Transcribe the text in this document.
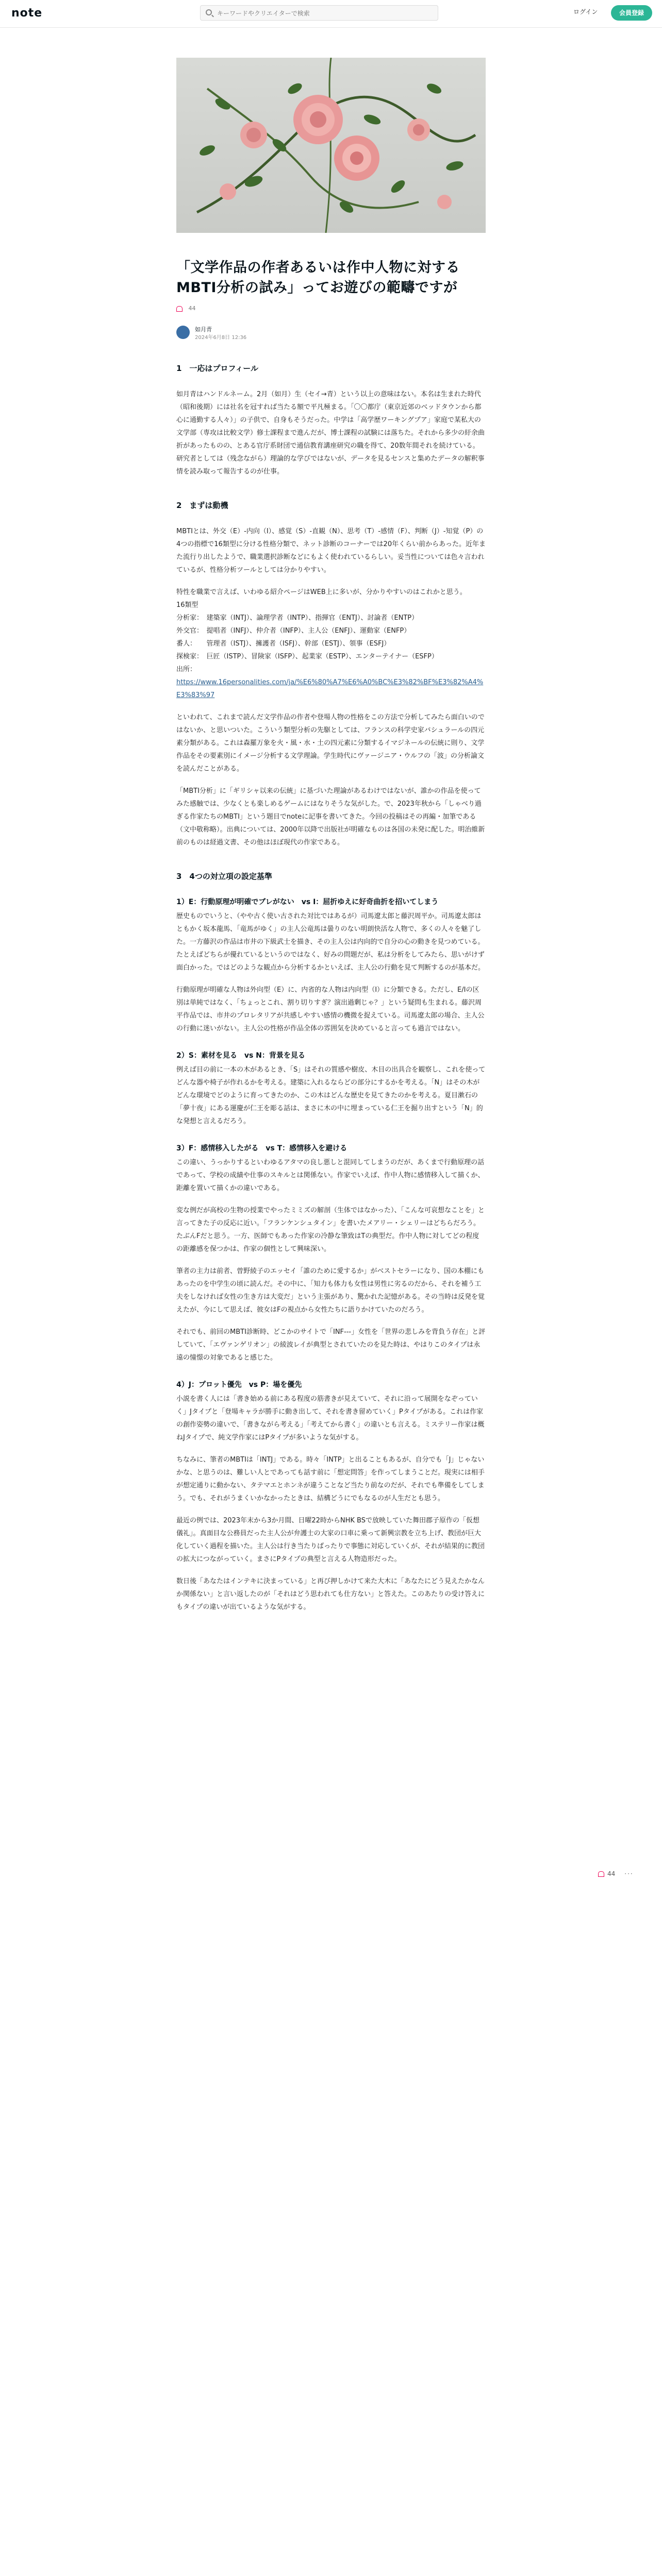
note
キーワードやクリエイターで検索	ログイン	会員登録
「文学作品の作者あるいは作中人物に対するMBTI分析の試み」ってお遊びの範疇ですが
44
如月青
2024年6月8日 12:36
1　一応はプロフィール

如月青はハンドルネーム。2月（如月）生（セイ→青）という以上の意味はない。本名は生まれた時代（昭和後期）には社名を冠すれば当たる額で平凡極まる。「〇〇都庁（東京近郊のベッドタウンから都心に通勤する人々）」の子供で、自身もそうだった。中学は「高学歴ワーキングプア」家庭で某私大の文学部（専攻は比較文学）修士課程まで進んだが、博士課程の試験には落ちた。それから多少の紆余曲折があったものの、とある官庁系財団で通信教育講座研究の職を得て、20数年間それを続けている。研究者としては（残念ながら）理論的な学びではないが、データを見るセンスと集めたデータの解釈事情を読み取って報告するのが仕事。

2　まずは動機

MBTIとは、外交（E）-内向（I）、感覚（S）-直観（N）、思考（T）-感情（F）、判断（J）-知覚（P）の4つの指標で16類型に分ける性格分類で、ネット診断のコーナーでは20年くらい前からあった。近年また流行り出したようで、職業選択診断などにもよく使われているらしい。妥当性については色々言われているが、性格分析ツールとしては分かりやすい。

特性を職業で言えば、いわゆる紹介ページはWEB上に多いが、分かりやすいのはこれかと思う。

16類型

分析家：　建築家（INTJ）、論理学者（INTP）、指揮官（ENTJ）、討論者（ENTP）

外交官：　提唱者（INFJ）、仲介者（INFP）、主人公（ENFJ）、運動家（ENFP）

番人：　　管理者（ISTJ）、擁護者（ISFJ）、幹部（ESTJ）、領事（ESFJ）

探検家：　巨匠（ISTP）、冒険家（ISFP）、起業家（ESTP）、エンターテイナー（ESFP）

出所：

https://www.16personalities.com/ja/%E6%80%A7%E6%A0%BC%E3%82%BF%E3%82%A4%E3%83%97

といわれて、これまで読んだ文学作品の作者や登場人物の性格をこの方法で分析してみたら面白いのではないか、と思いついた。こういう類型分析の先駆としては、フランスの科学史家バシュラールの四元素分類がある。これは森羅万象を火・風・水・土の四元素に分類するイマジネールの伝統に則り、文学作品をその要素別にイメージ分析する文学理論。学生時代にヴァージニア・ウルフの「波」の分析論文を読んだことがある。

「MBTI分析」に「ギリシャ以来の伝統」に基づいた理論があるわけではないが、誰かの作品を使ってみた感触では、少なくとも楽しめるゲームにはなりそうな気がした。で、2023年秋から「しゃべり過ぎる作家たちのMBTI」という題目でnoteに記事を書いてきた。今回の投稿はその再編・加筆である（文中敬称略）。出典については、2000年以降で出版社が明確なものは各国の未発に配した。明治維新前のものは経過文書、その他はほぼ現代の作家である。

3　4つの対立項の設定基準
1）E：行動原理が明確でブレがない　vs I：屈折ゆえに好奇曲折を招いてしまう

歴史ものでいうと、（やや古く使い古された対比ではあるが）司馬遼太郎と藤沢周平か。司馬遼太郎はともかく坂本龍馬、「竜馬がゆく」の主人公竜馬は曇りのない明朗快活な人物で、多くの人々を魅了した。一方藤沢の作品は市井の下級武士を描き、その主人公は内向的で自分の心の動きを見つめている。たとえばどちらが優れているというのではなく、好みの問題だが、私は分析をしてみたら、思いがけず面白かった。ではどのような観点から分析するかといえば、主人公の行動を見て判断するのが基本だ。

行動原理が明確な人物は外向型（E）に、内省的な人物は内向型（I）に分類できる。ただし、E/Iの区別は単純ではなく、「ちょっとこれ、割り切りすぎ？演出過剰じゃ？」という疑問も生まれる。藤沢周平作品では、市井のプロレタリアが共感しやすい感情の機微を捉えている。司馬遼太郎の場合、主人公の行動に迷いがない。主人公の性格が作品全体の雰囲気を決めていると言っても過言ではない。

2）S：素材を見る　vs N：背景を見る

例えば目の前に一本の木があるとき、「S」はそれの質感や樹皮、木目の出具合を観察し、これを使ってどんな器や椅子が作れるかを考える。建築に入れるならどの部分にするかを考える。「N」はその木がどんな環境でどのように育ってきたのか、この木はどんな歴史を見てきたのかを考える。夏目漱石の「夢十夜」にある運慶が仁王を彫る話は、まさに木の中に埋まっている仁王を掘り出すという「N」的な発想と言えるだろう。

3）F：感情移入したがる　vs T：感情移入を避ける

この違い、うっかりするといわゆるアタマの良し悪しと混同してしまうのだが、あくまで行動原理の話であって、学校の成績や仕事のスキルとは関係ない。作家でいえば、作中人物に感情移入して描くか、距離を置いて描くかの違いである。

変な例だが高校の生物の授業でやったミミズの解剖（生体ではなかった）、「こんな可哀想なことを」と言ってきた子の反応に近い。「フランケンシュタイン」を書いたメアリー・シェリーはどちらだろう。たぶんFだと思う。一方、医師でもあった作家の冷静な筆致はTの典型だ。作中人物に対してどの程度の距離感を保つかは、作家の個性として興味深い。

筆者の主力は前者、曽野綾子のエッセイ「誰のために愛するか」がベストセラーになり、国の本棚にもあったのを中学生の頃に読んだ。その中に、「知力も体力も女性は男性に劣るのだから、それを補う工夫をしなければ女性の生き方は大変だ」という主張があり、驚かれた記憶がある。その当時は反発を覚えたが、今にして思えば、彼女はFの視点から女性たちに語りかけていたのだろう。

それでも、前回のMBTI診断時、どこかのサイトで「INF---」女性を「世界の悲しみを背負う存在」と評していて、「エヴァンゲリオン」の綾波レイが典型とされていたのを見た時は、やはりこのタイプは永遠の憧憬の対象であると感じた。

4）J：プロット優先　vs P：場を優先

小説を書く人には「書き始める前にある程度の筋書きが見えていて、それに沿って展開をなぞっていく」Jタイプと「登場キャラが勝手に動き出して、それを書き留めていく」Pタイプがある。これは作家の創作姿勢の違いで、「書きながら考える」「考えてから書く」の違いとも言える。ミステリー作家は概ねJタイプで、純文学作家にはPタイプが多いような気がする。

ちなみに、筆者のMBTIは「INTJ」である。時々「INTP」と出ることもあるが、自分でも「J」じゃないかな、と思うのは、難しい人とであっても話す前に「想定問答」を作ってしまうことだ。現実には相手が想定通りに動かない、タテマエとホンネが違うことなど当たり前なのだが、それでも準備をしてしまう。でも、それがうまくいかなかったときは、結構どうにでもなるのが人生だとも思う。

最近の例では、2023年末から3か月間、日曜22時からNHK BSで放映していた舞田郡子原作の「仮想儀礼」。真面目な公務員だった主人公が弁護士の大家の口車に乗って新興宗教を立ち上げ、教団が巨大化していく過程を描いた。主人公は行き当たりばったりで事態に対応していくが、それが結果的に教団の拡大につながっていく。まさにPタイプの典型と言える人物造形だった。

数日後「あなたはインテキに決まっている」と再び押しかけて来た大木に「あなたにどう見えたかなんか関係ない」と言い返したのが「それはどう思われても仕方ない」と答えた。このあたりの受け答えにもタイプの違いが出ているような気がする。

44 ···
